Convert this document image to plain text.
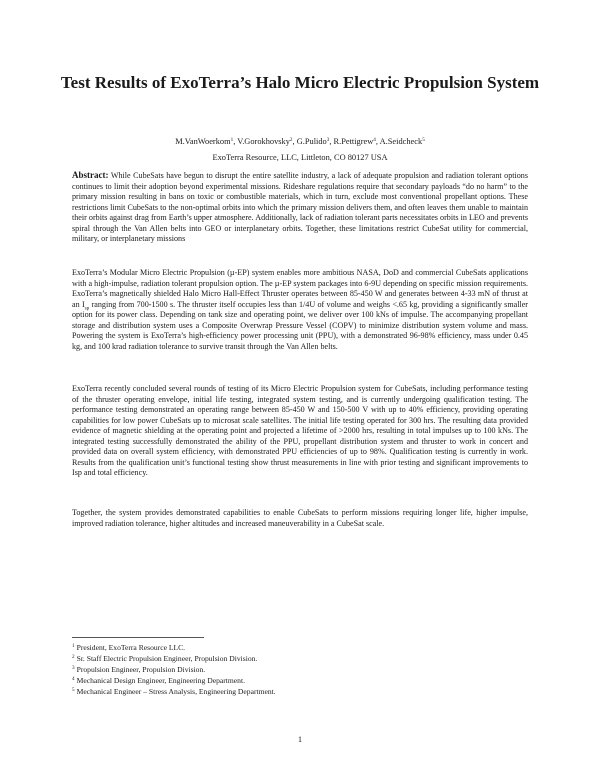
Test Results of ExoTerra’s Halo Micro Electric Propulsion System
M.VanWoerkom$^1$, V.Gorokhovsky$^2$, G.Pulido$^3$, R.Pettigrew$^4$, A.Seidcheck$^5$
ExoTerra Resource, LLC, Littleton, CO 80127 USA

Abstract: While CubeSats have begun to disrupt the entire satellite industry, a lack of adequate propulsion and radiation tolerant options continues to limit their adoption beyond experimental missions. Rideshare regulations require that secondary payloads “do no harm” to the primary mission resulting in bans on toxic or combustible materials, which in turn, exclude most conventional propellant options. These restrictions limit CubeSats to the non-optimal orbits into which the primary mission delivers them, and often leaves them unable to maintain their orbits against drag from Earth’s upper atmosphere. Additionally, lack of radiation tolerant parts necessitates orbits in LEO and prevents spiral through the Van Allen belts into GEO or interplanetary orbits. Together, these limitations restrict CubeSat utility for commercial, military, or interplanetary missions

ExoTerra’s Modular Micro Electric Propulsion (µ-EP) system enables more ambitious NASA, DoD and commercial CubeSats applications with a high-impulse, radiation tolerant propulsion option. The µ-EP system packages into 6-9U depending on specific mission requirements. ExoTerra’s magnetically shielded Halo Micro Hall-Effect Thruster operates between 85-450 W and generates between 4-33 mN of thrust at an $I_{sp}$ ranging from 700-1500 s. The thruster itself occupies less than 1/4U of volume and weighs <.65 kg, providing a significantly smaller option for its power class. Depending on tank size and operating point, we deliver over 100 kNs of impulse. The accompanying propellant storage and distribution system uses a Composite Overwrap Pressure Vessel (COPV) to minimize distribution system volume and mass. Powering the system is ExoTerra’s high-efficiency power processing unit (PPU), with a demonstrated 96-98% efficiency, mass under 0.45 kg, and 100 krad radiation tolerance to survive transit through the Van Allen belts.

ExoTerra recently concluded several rounds of testing of its Micro Electric Propulsion system for CubeSats, including performance testing of the thruster operating envelope, initial life testing, integrated system testing, and is currently undergoing qualification testing. The performance testing demonstrated an operating range between 85-450 W and 150-500 V with up to 40% efficiency, providing operating capabilities for low power CubeSats up to microsat scale satellites. The initial life testing operated for 300 hrs. The resulting data provided evidence of magnetic shielding at the operating point and projected a lifetime of >2000 hrs, resulting in total impulses up to 100 kNs. The integrated testing successfully demonstrated the ability of the PPU, propellant distribution system and thruster to work in concert and provided data on overall system efficiency, with demonstrated PPU efficiencies of up to 98%. Qualification testing is currently in work. Results from the qualification unit’s functional testing show thrust measurements in line with prior testing and significant improvements to Isp and total efficiency.

Together, the system provides demonstrated capabilities to enable CubeSats to perform missions requiring longer life, higher impulse, improved radiation tolerance, higher altitudes and increased maneuverability in a CubeSat scale.

$^1$ President, ExoTerra Resource LLC.

$^2$ Sr. Staff Electric Propulsion Engineer, Propulsion Division.

$^3$ Propulsion Engineer, Propulsion Division.

$^4$ Mechanical Design Engineer, Engineering Department.

$^5$ Mechanical Engineer – Stress Analysis, Engineering Department.

1
